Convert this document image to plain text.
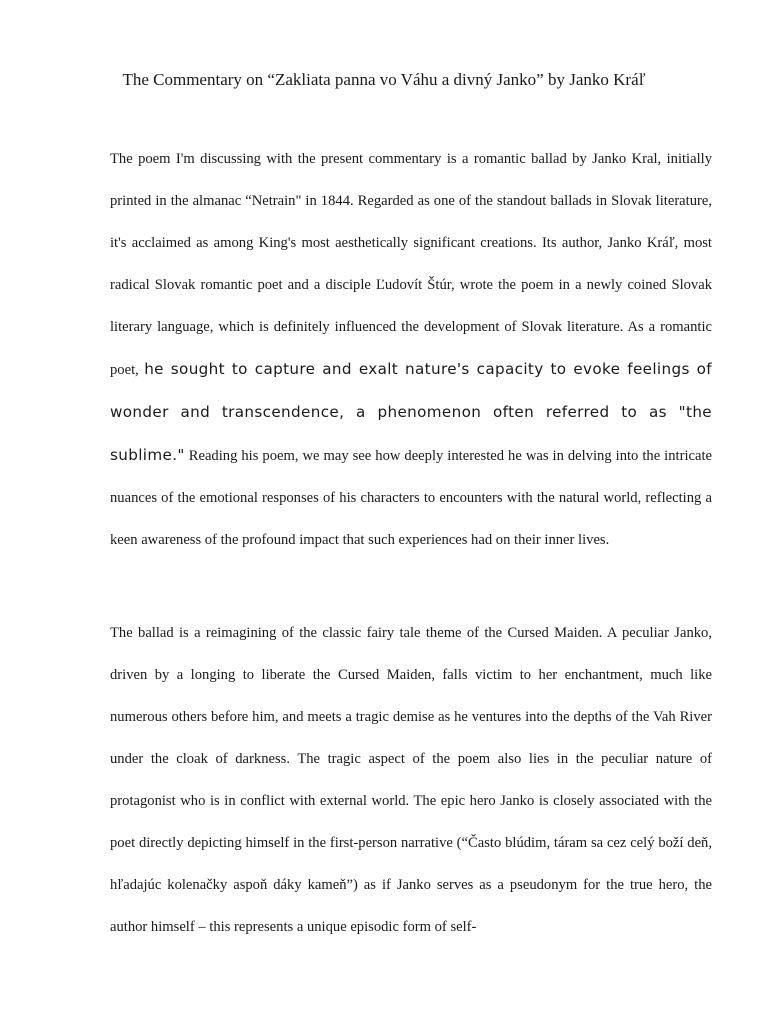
The Commentary on “Zakliata panna vo Váhu a divný Janko” by Janko Kráľ

The poem I'm discussing with the present commentary is a romantic ballad by Janko Kral, initially printed in the almanac “Netrain" in 1844. Regarded as one of the standout ballads in Slovak literature, it's acclaimed as among King's most aesthetically significant creations. Its author, Janko Kráľ, most radical Slovak romantic poet and a disciple Ľudovít Štúr, wrote the poem in a newly coined Slovak literary language, which is definitely influenced the development of Slovak literature. As a romantic poet, he sought to capture and exalt nature's capacity to evoke feelings of wonder and transcendence, a phenomenon often referred to as "the sublime." Reading his poem, we may see how deeply interested he was in delving into the intricate nuances of the emotional responses of his characters to encounters with the natural world, reflecting a keen awareness of the profound impact that such experiences had on their inner lives.

The ballad is a reimagining of the classic fairy tale theme of the Cursed Maiden. A peculiar Janko, driven by a longing to liberate the Cursed Maiden, falls victim to her enchantment, much like numerous others before him, and meets a tragic demise as he ventures into the depths of the Vah River under the cloak of darkness. The tragic aspect of the poem also lies in the peculiar nature of protagonist who is in conflict with external world. The epic hero Janko is closely associated with the poet directly depicting himself in the first-person narrative (“Často blúdim, táram sa cez celý boží deň, hľadajúc kolenačky aspoň dáky kameň”) as if Janko serves as a pseudonym for the true hero, the author himself – this represents a unique episodic form of self-
